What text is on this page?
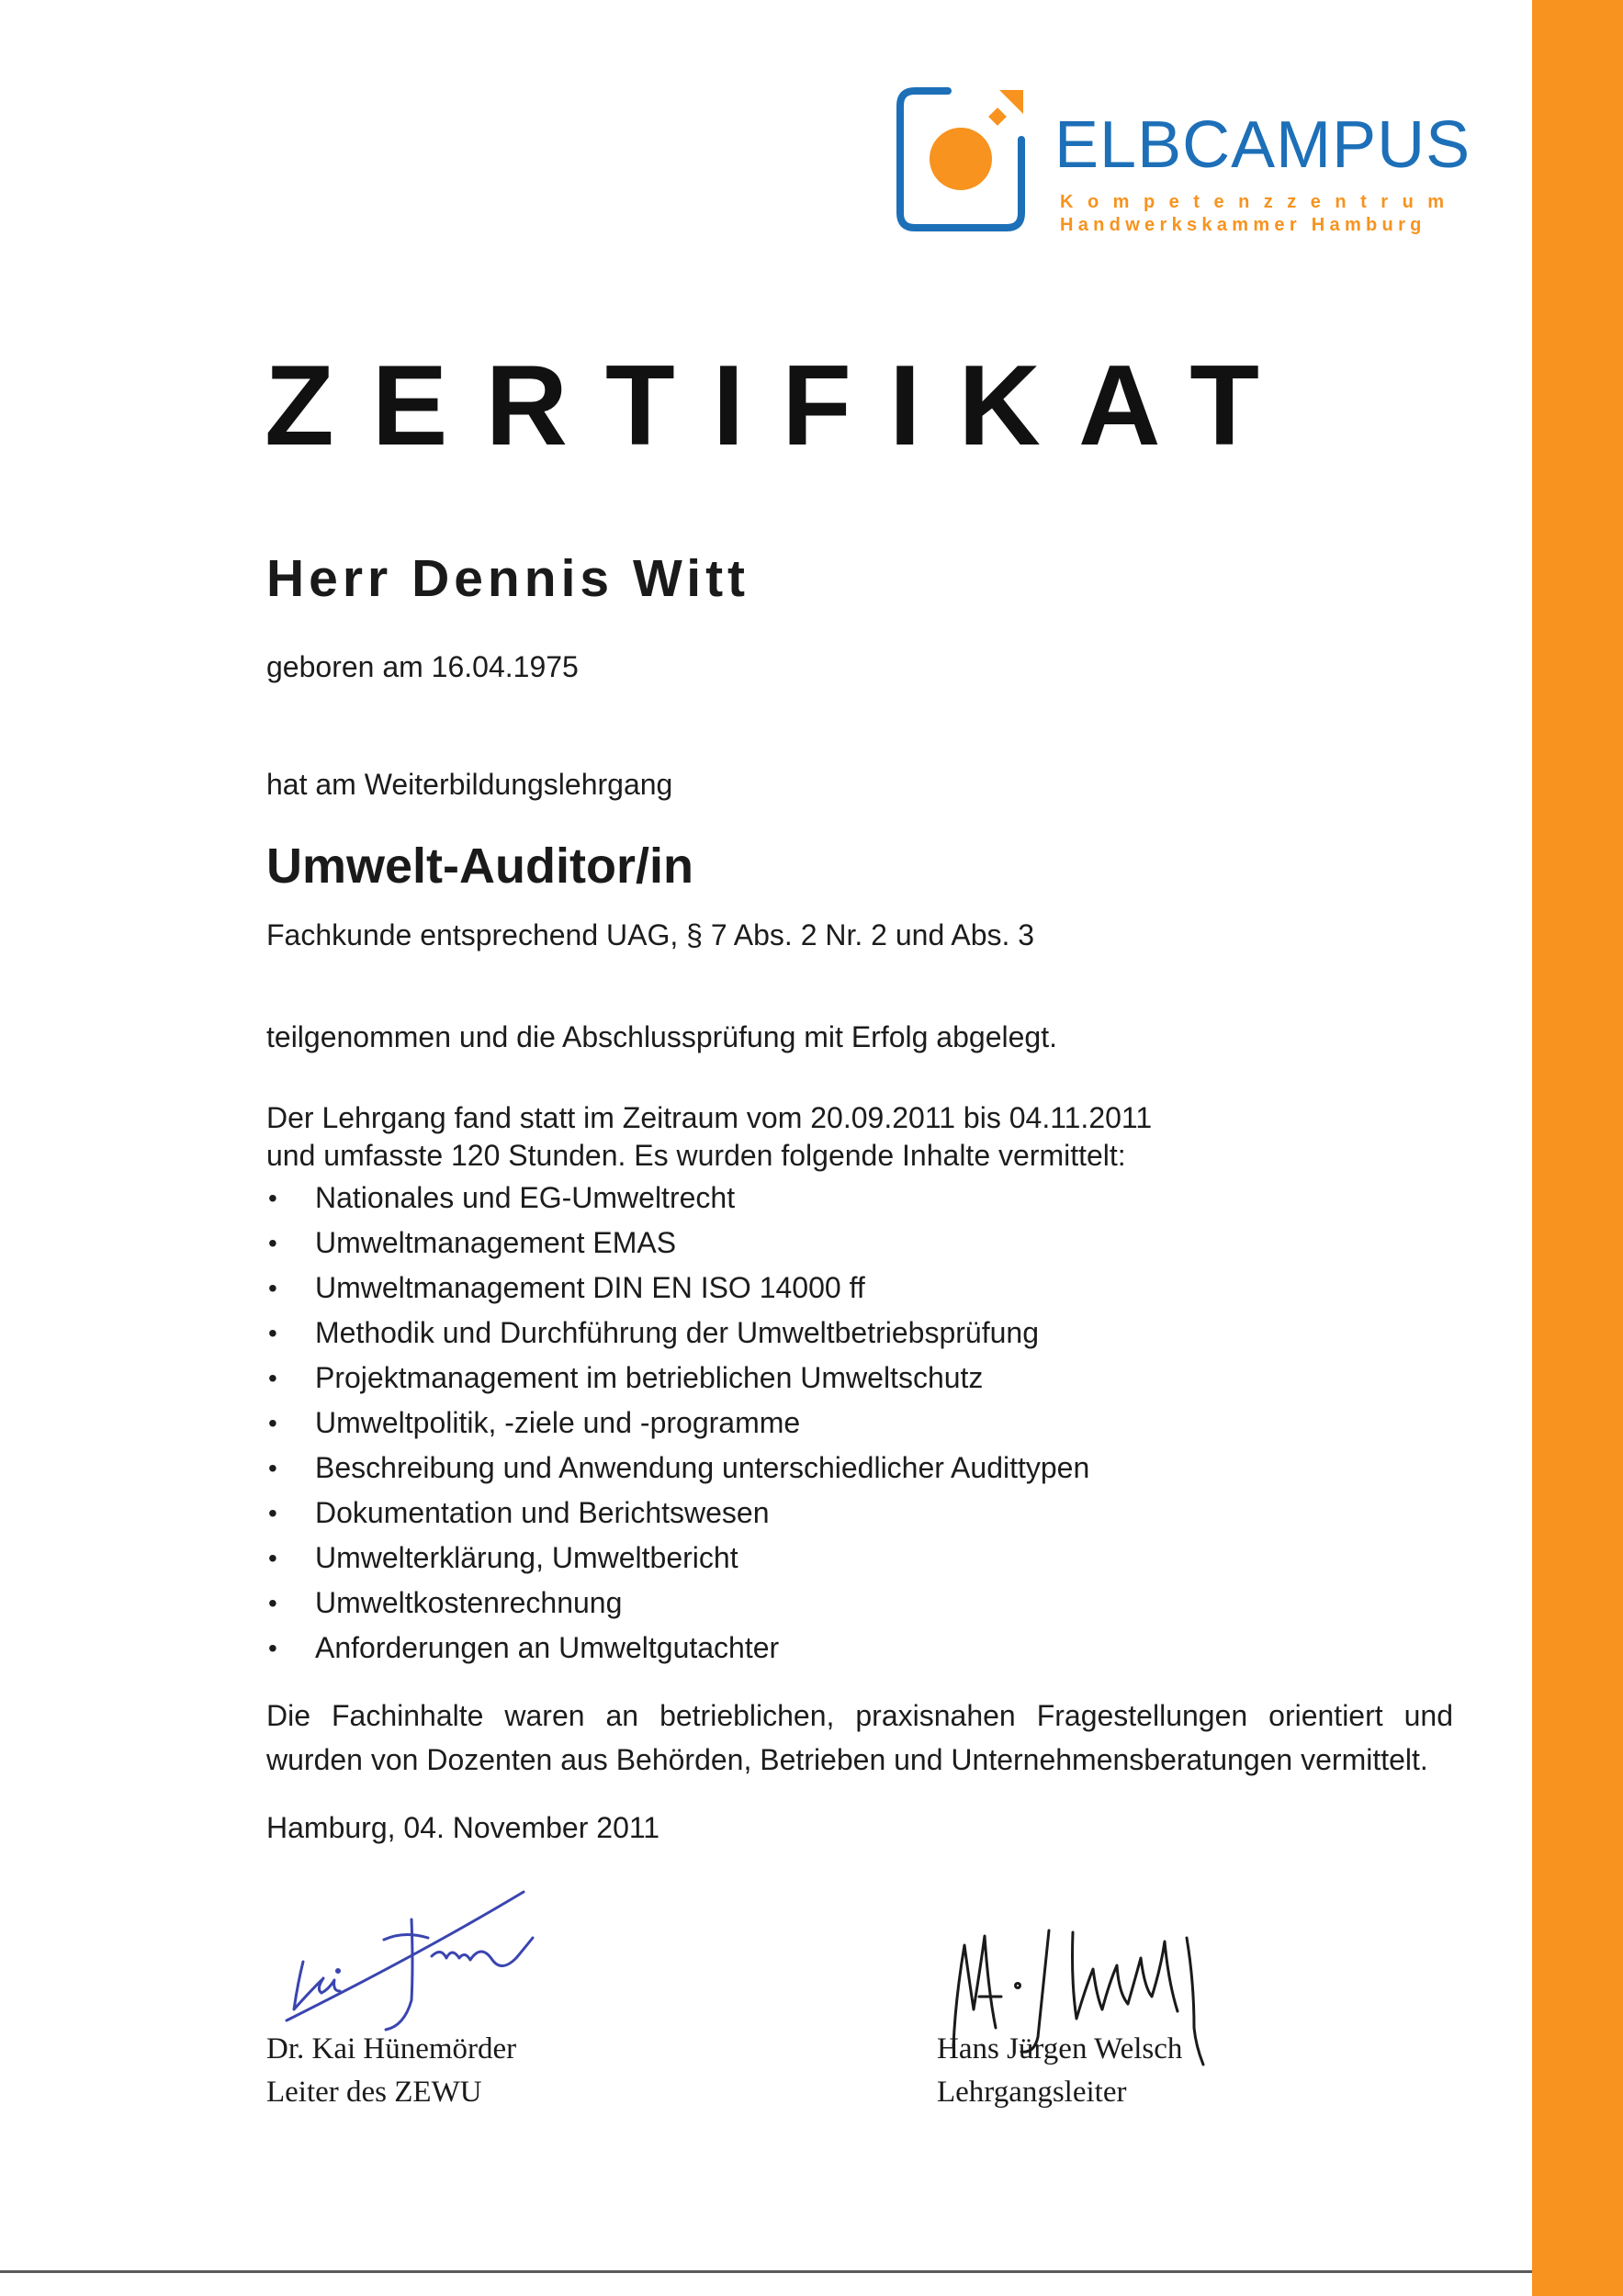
ELBCAMPUS
Kompetenzzentrum
Handwerkskammer Hamburg
ZERTIFIKAT
Herr Dennis Witt
geboren am 16.04.1975
hat am Weiterbildungslehrgang
Umwelt-Auditor/in
Fachkunde entsprechend UAG, § 7 Abs. 2 Nr. 2 und Abs. 3
teilgenommen und die Abschlussprüfung mit Erfolg abgelegt.
Der Lehrgang fand statt im Zeitraum vom 20.09.2011 bis 04.11.2011
und umfasste 120 Stunden. Es wurden folgende Inhalte vermittelt:
• Nationales und EG-Umweltrecht
• Umweltmanagement EMAS
• Umweltmanagement DIN EN ISO 14000 ff
• Methodik und Durchführung der Umweltbetriebsprüfung
• Projektmanagement im betrieblichen Umweltschutz
• Umweltpolitik, -ziele und -programme
• Beschreibung und Anwendung unterschiedlicher Audittypen
• Dokumentation und Berichtswesen
• Umwelterklärung, Umweltbericht
• Umweltkostenrechnung
• Anforderungen an Umweltgutachter
Die Fachinhalte waren an betrieblichen, praxisnahen Fragestellungen orientiert und wurden von Dozenten aus Behörden, Betrieben und Unternehmensberatungen vermittelt.
Hamburg, 04. November 2011
Dr. Kai Hünemörder
Leiter des ZEWU
Hans Jürgen Welsch
Lehrgangsleiter
